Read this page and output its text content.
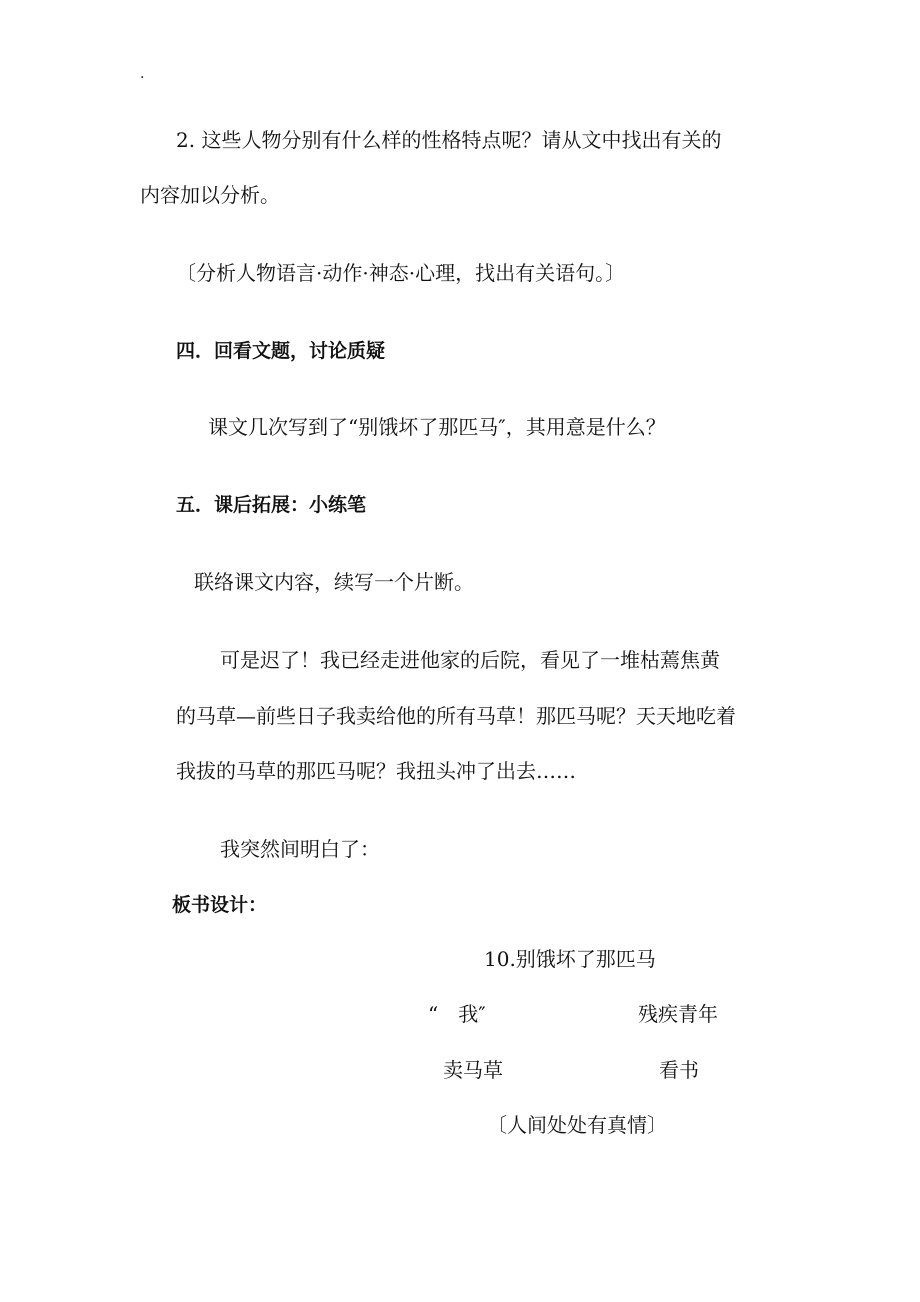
.
2. 这些人物分别有什么样的性格特点呢？请从文中找出有关的
内容加以分析。
〔分析人物语言·动作·神态·心理，找出有关语句。〕
四．回看文题，讨论质疑
课文几次写到了“别饿坏了那匹马″，其用意是什么？
五．课后拓展：小练笔
联络课文内容，续写一个片断。
可是迟了！我已经走进他家的后院，看见了一堆枯蔫焦黄
的马草—前些日子我卖给他的所有马草！那匹马呢？天天地吃着
我拔的马草的那匹马呢？我扭头冲了出去……
我突然间明白了：
板书设计：
10.别饿坏了那匹马
“　我″	残疾青年
卖马草	看书
〔人间处处有真情〕
